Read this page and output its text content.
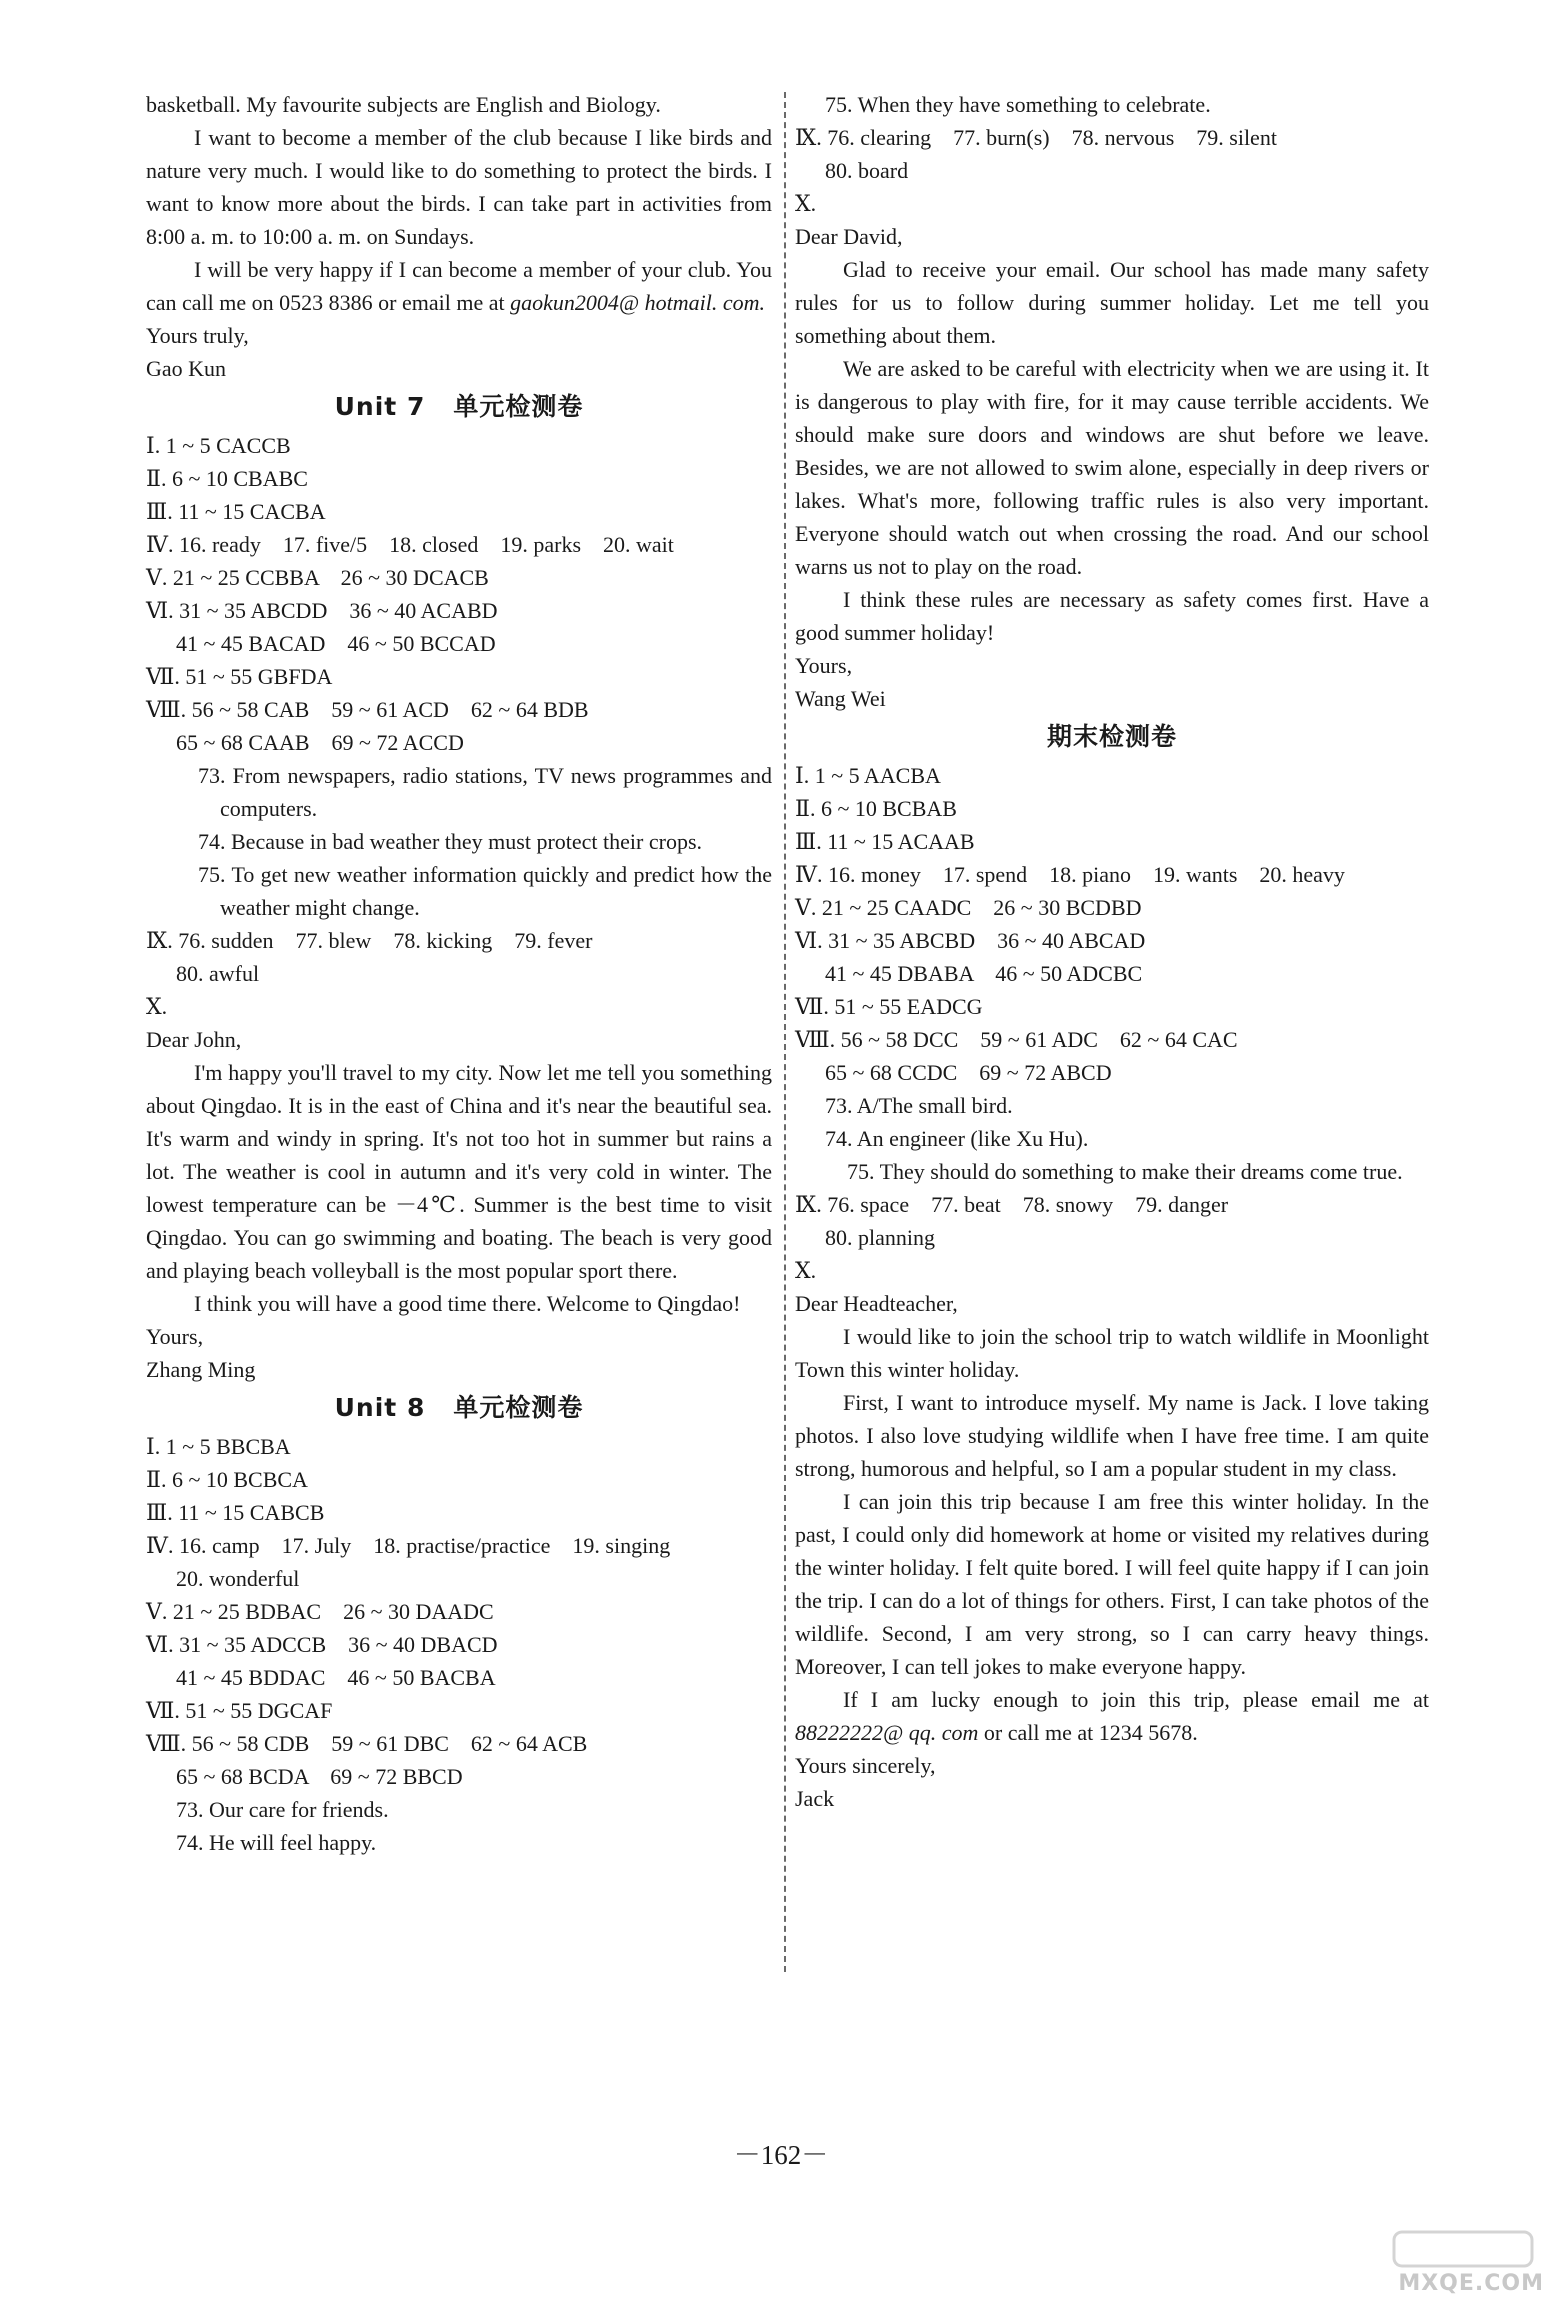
basketball. My favourite subjects are English and Biology.

I want to become a member of the club because I like birds and nature very much. I would like to do something to protect the birds. I want to know more about the birds. I can take part in activities from 8:00 a. m. to 10:00 a. m. on Sundays.

I will be very happy if I can become a member of your club. You can call me on 0523 8386 or email me at gaokun2004@ hotmail. com.

Yours truly,
Gao Kun
Unit 7 单元检测卷
Ⅰ. 1 ~ 5 CACCB
Ⅱ. 6 ~ 10 CBABC
Ⅲ. 11 ~ 15 CACBA
Ⅳ. 16. ready　17. five/5　18. closed　19. parks　20. wait
Ⅴ. 21 ~ 25 CCBBA　26 ~ 30 DCACB
Ⅵ. 31 ~ 35 ABCDD　36 ~ 40 ACABD
41 ~ 45 BACAD　46 ~ 50 BCCAD
Ⅶ. 51 ~ 55 GBFDA
Ⅷ. 56 ~ 58 CAB　59 ~ 61 ACD　62 ~ 64 BDB
65 ~ 68 CAAB　69 ~ 72 ACCD

73. From newspapers, radio stations, TV news programmes and computers.

74. Because in bad weather they must protect their crops.

75. To get new weather information quickly and predict how the weather might change.

Ⅸ. 76. sudden　77. blew　78. kicking　79. fever
80. awful
Ⅹ.
Dear John,

I'm happy you'll travel to my city. Now let me tell you something about Qingdao. It is in the east of China and it's near the beautiful sea. It's warm and windy in spring. It's not too hot in summer but rains a lot. The weather is cool in autumn and it's very cold in winter. The lowest temperature can be －4℃. Summer is the best time to visit Qingdao. You can go swimming and boating. The beach is very good and playing beach volleyball is the most popular sport there.

I think you will have a good time there. Welcome to Qingdao!

Yours,
Zhang Ming
Unit 8 单元检测卷
Ⅰ. 1 ~ 5 BBCBA
Ⅱ. 6 ~ 10 BCBCA
Ⅲ. 11 ~ 15 CABCB
Ⅳ. 16. camp　17. July　18. practise/practice　19. singing
20. wonderful
Ⅴ. 21 ~ 25 BDBAC　26 ~ 30 DAADC
Ⅵ. 31 ~ 35 ADCCB　36 ~ 40 DBACD
41 ~ 45 BDDAC　46 ~ 50 BACBA
Ⅶ. 51 ~ 55 DGCAF
Ⅷ. 56 ~ 58 CDB　59 ~ 61 DBC　62 ~ 64 ACB
65 ~ 68 BCDA　69 ~ 72 BBCD
73. Our care for friends.
74. He will feel happy.
75. When they have something to celebrate.
Ⅸ. 76. clearing　77. burn(s)　78. nervous　79. silent
80. board
Ⅹ.
Dear David,

Glad to receive your email. Our school has made many safety rules for us to follow during summer holiday. Let me tell you something about them.

We are asked to be careful with electricity when we are using it. It is dangerous to play with fire, for it may cause terrible accidents. We should make sure doors and windows are shut before we leave. Besides, we are not allowed to swim alone, especially in deep rivers or lakes. What's more, following traffic rules is also very important. Everyone should watch out when crossing the road. And our school warns us not to play on the road.

I think these rules are necessary as safety comes first. Have a good summer holiday!

Yours,
Wang Wei
期末检测卷
Ⅰ. 1 ~ 5 AACBA
Ⅱ. 6 ~ 10 BCBAB
Ⅲ. 11 ~ 15 ACAAB
Ⅳ. 16. money　17. spend　18. piano　19. wants　20. heavy
Ⅴ. 21 ~ 25 CAADC　26 ~ 30 BCDBD
Ⅵ. 31 ~ 35 ABCBD　36 ~ 40 ABCAD
41 ~ 45 DBABA　46 ~ 50 ADCBC
Ⅶ. 51 ~ 55 EADCG
Ⅷ. 56 ~ 58 DCC　59 ~ 61 ADC　62 ~ 64 CAC
65 ~ 68 CCDC　69 ~ 72 ABCD
73. A/The small bird.
74. An engineer (like Xu Hu).

75. They should do something to make their dreams come true.

Ⅸ. 76. space　77. beat　78. snowy　79. danger
80. planning
Ⅹ.
Dear Headteacher,

I would like to join the school trip to watch wildlife in Moonlight Town this winter holiday.

First, I want to introduce myself. My name is Jack. I love taking photos. I also love studying wildlife when I have free time. I am quite strong, humorous and helpful, so I am a popular student in my class.

I can join this trip because I am free this winter holiday. In the past, I could only did homework at home or visited my relatives during the winter holiday. I felt quite bored. I will feel quite happy if I can join the trip. I can do a lot of things for others. First, I can take photos of the wildlife. Second, I am very strong, so I can carry heavy things. Moreover, I can tell jokes to make everyone happy.

If I am lucky enough to join this trip, please email me at 88222222@ qq. com or call me at 1234 5678.

Yours sincerely,
Jack
－162－
MXQE.COM
